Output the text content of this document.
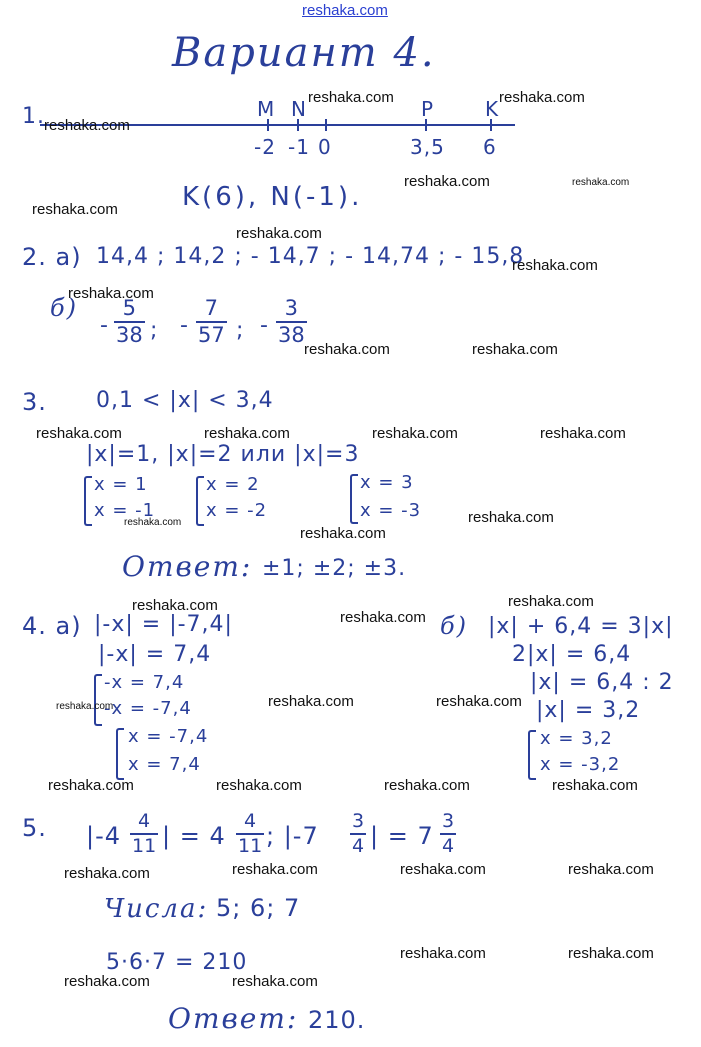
reshaka.com
Вариант 4.
1.	M N	P	K
-2 -1 0	3,5 6
K(6), N(-1).
2. а) 14,4 ; 14,2 ; - 14,7 ; - 14,74 ; - 15,8
б)
-
5
38 ; -
7
57 ; -
3
38
3. 0,1 < |x| < 3,4
|x|=1, |x|=2 или |x|=3
x = 1
x = -1
x = 2
x = -2
x = 3
x = -3
Ответ: ±1; ±2; ±3.
4. а) |-x| = |-7,4|
|-x| = 7,4
-x = 7,4
-x = -7,4
x = -7,4
x = 7,4
б) |x| + 6,4 = 3|x|
2|x| = 6,4
|x| = 6,4 : 2
|x| = 3,2
x = 3,2
x = -3,2
5. |-4
4
11 | = 4
4
11 ; |-7
3
4 | = 7
3
4
Числа: 5; 6; 7
5·6·7 = 210
Ответ: 210.
reshaka.com
reshaka.com	reshaka.com
reshaka.com	reshaka.com
reshaka.com
reshaka.com
reshaka.com
reshaka.com
reshaka.com	reshaka.com
reshaka.com	reshaka.com	reshaka.com	reshaka.com
reshaka.com
reshaka.com
reshaka.com
reshaka.com	reshaka.com
reshaka.com
reshaka.com	reshaka.com	reshaka.com
reshaka.com	reshaka.com	reshaka.com	reshaka.com
reshaka.com	reshaka.com	reshaka.com	reshaka.com
reshaka.com	reshaka.com
reshaka.com	reshaka.com
